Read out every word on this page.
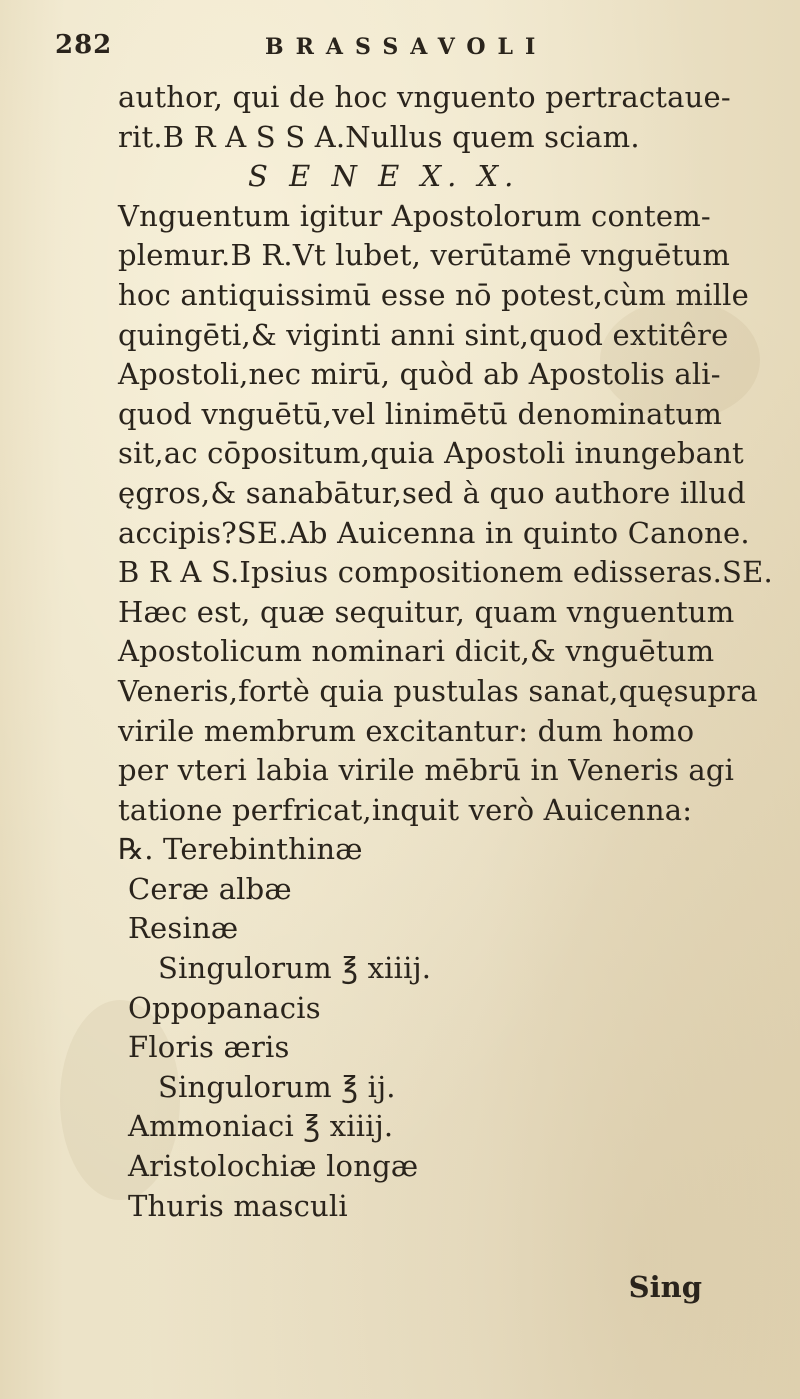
282	BRASSAVOLI
author, qui de hoc vnguento pertractaue-
rit.B R A S S A.Nullus quem sciam.
S E N E X. X.
Vnguentum igitur Apostolorum contem-
plemur.B R.Vt lubet, verūtamē vnguētum
hoc antiquissimū esse nō potest,cùm mille
quingēti,& viginti anni sint,quod extitêre
Apostoli,nec mirū, quòd ab Apostolis ali-
quod vnguētū,vel linimētū denominatum
sit,ac cōpositum,quia Apostoli inungebant
ęgros,& sanabātur,sed à quo authore illud
accipis?SE.Ab Auicenna in quinto Canone.
B R A S.Ipsius compositionem edisseras.SE.
Hæc est, quæ sequitur, quam vnguentum
Apostolicum nominari dicit,& vnguētum
Veneris,fortè quia pustulas sanat,quęsupra
virile membrum excitantur: dum homo
per vteri labia virile mēbrū in Veneris agi
tatione perfricat,inquit verò Auicenna:
℞. Terebinthinæ
Ceræ albæ
Resinæ
Singulorum ℥ xiiij.
Oppopanacis
Floris æris
Singulorum ℥ ij.
Ammoniaci ℥ xiiij.
Aristolochiæ longæ
Thuris masculi
Sing
